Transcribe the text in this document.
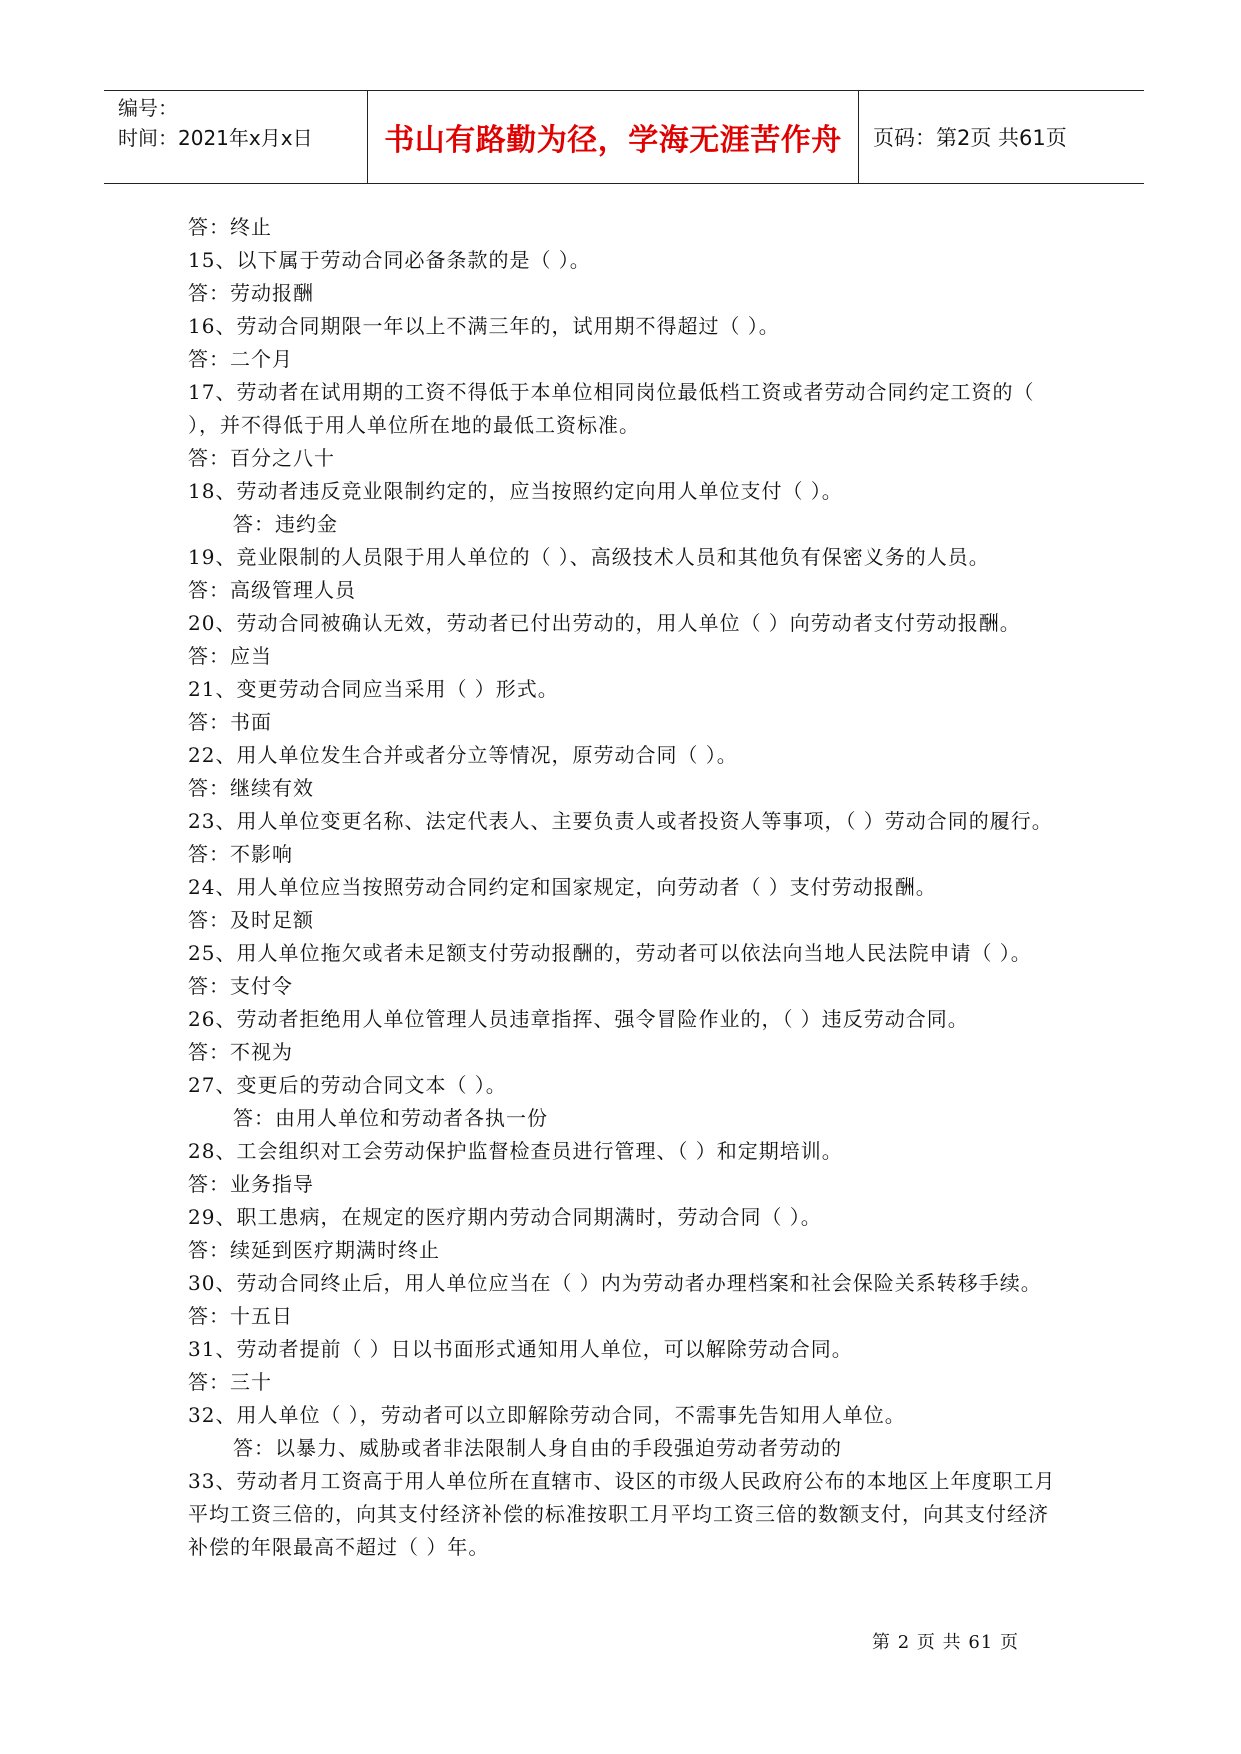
编号：
时间：2021年x月x日	书山有路勤为径，学海无涯苦作舟	页码：第2页 共61页

答：终止

15、以下属于劳动合同必备条款的是（ ）。

答：劳动报酬

16、劳动合同期限一年以上不满三年的，试用期不得超过（ ）。

答：二个月

17、劳动者在试用期的工资不得低于本单位相同岗位最低档工资或者劳动合同约定工资的（ ），并不得低于用人单位所在地的最低工资标准。

答：百分之八十

18、劳动者违反竞业限制约定的，应当按照约定向用人单位支付（ ）。

答：违约金

19、竞业限制的人员限于用人单位的（ ）、高级技术人员和其他负有保密义务的人员。

答：高级管理人员

20、劳动合同被确认无效，劳动者已付出劳动的，用人单位（ ）向劳动者支付劳动报酬。

答：应当

21、变更劳动合同应当采用（ ）形式。

答：书面

22、用人单位发生合并或者分立等情况，原劳动合同（ ）。

答：继续有效

23、用人单位变更名称、法定代表人、主要负责人或者投资人等事项，（ ）劳动合同的履行。

答：不影响

24、用人单位应当按照劳动合同约定和国家规定，向劳动者（ ）支付劳动报酬。

答：及时足额

25、用人单位拖欠或者未足额支付劳动报酬的，劳动者可以依法向当地人民法院申请（ ）。

答：支付令

26、劳动者拒绝用人单位管理人员违章指挥、强令冒险作业的，（ ）违反劳动合同。

答：不视为

27、变更后的劳动合同文本（ ）。

答：由用人单位和劳动者各执一份

28、工会组织对工会劳动保护监督检查员进行管理、（ ）和定期培训。

答：业务指导

29、职工患病，在规定的医疗期内劳动合同期满时，劳动合同（ ）。

答：续延到医疗期满时终止

30、劳动合同终止后，用人单位应当在（ ）内为劳动者办理档案和社会保险关系转移手续。

答：十五日

31、劳动者提前（ ）日以书面形式通知用人单位，可以解除劳动合同。

答：三十

32、用人单位（ ），劳动者可以立即解除劳动合同，不需事先告知用人单位。

答：以暴力、威胁或者非法限制人身自由的手段强迫劳动者劳动的

33、劳动者月工资高于用人单位所在直辖市、设区的市级人民政府公布的本地区上年度职工月平均工资三倍的，向其支付经济补偿的标准按职工月平均工资三倍的数额支付，向其支付经济补偿的年限最高不超过（ ）年。

第 2 页 共 61 页
